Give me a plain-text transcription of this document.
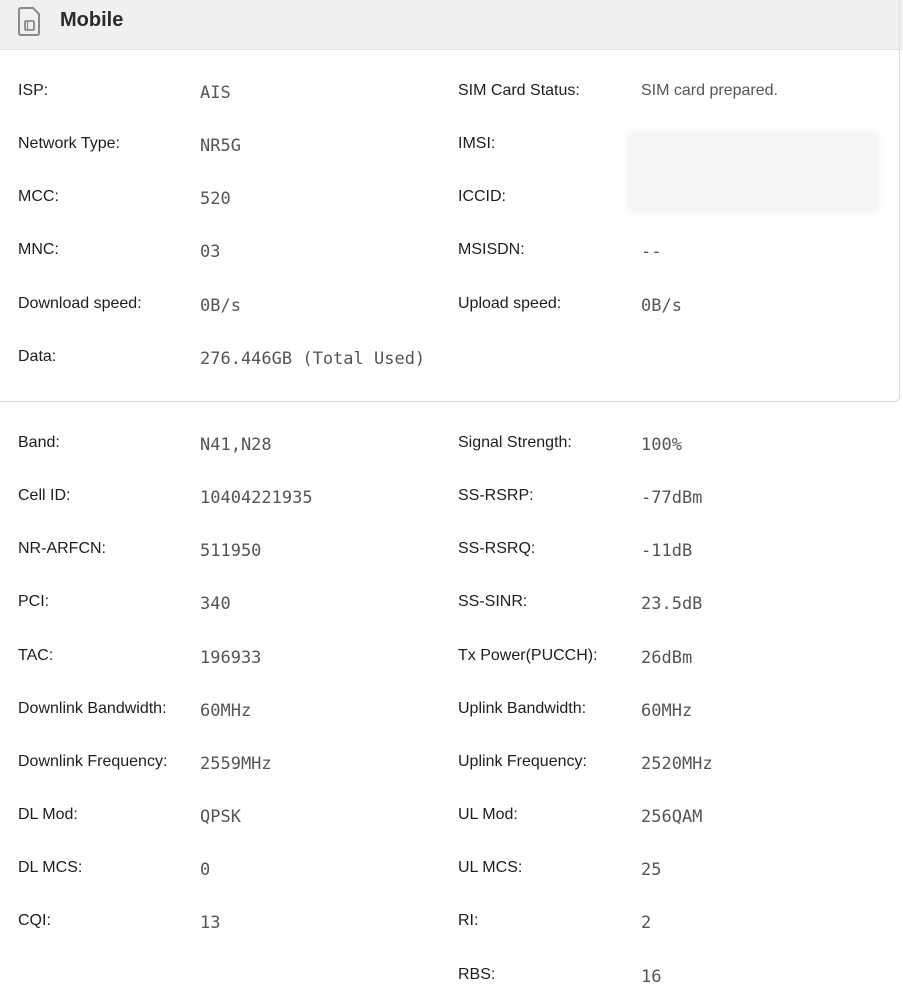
Mobile
ISP:	AIS	SIM Card Status:	SIM card prepared.
Network Type:	NR5G	IMSI:
MCC:	520	ICCID:
MNC:	03	MSISDN:	--
Download speed:	0B/s	Upload speed:	0B/s
Data:	276.446GB (Total Used)
Band:	N41,N28	Signal Strength:	100%
Cell ID:	10404221935	SS-RSRP:	-77dBm
NR-ARFCN:	511950	SS-RSRQ:	-11dB
PCI:	340	SS-SINR:	23.5dB
TAC:	196933	Tx Power(PUCCH):	26dBm
Downlink Bandwidth: 60MHz	Uplink Bandwidth:	60MHz
Downlink Frequency: 2559MHz	Uplink Frequency:	2520MHz
DL Mod:	QPSK	UL Mod:	256QAM
DL MCS:	0	UL MCS:	25
CQI:	13	RI:	2
RBS:	16
